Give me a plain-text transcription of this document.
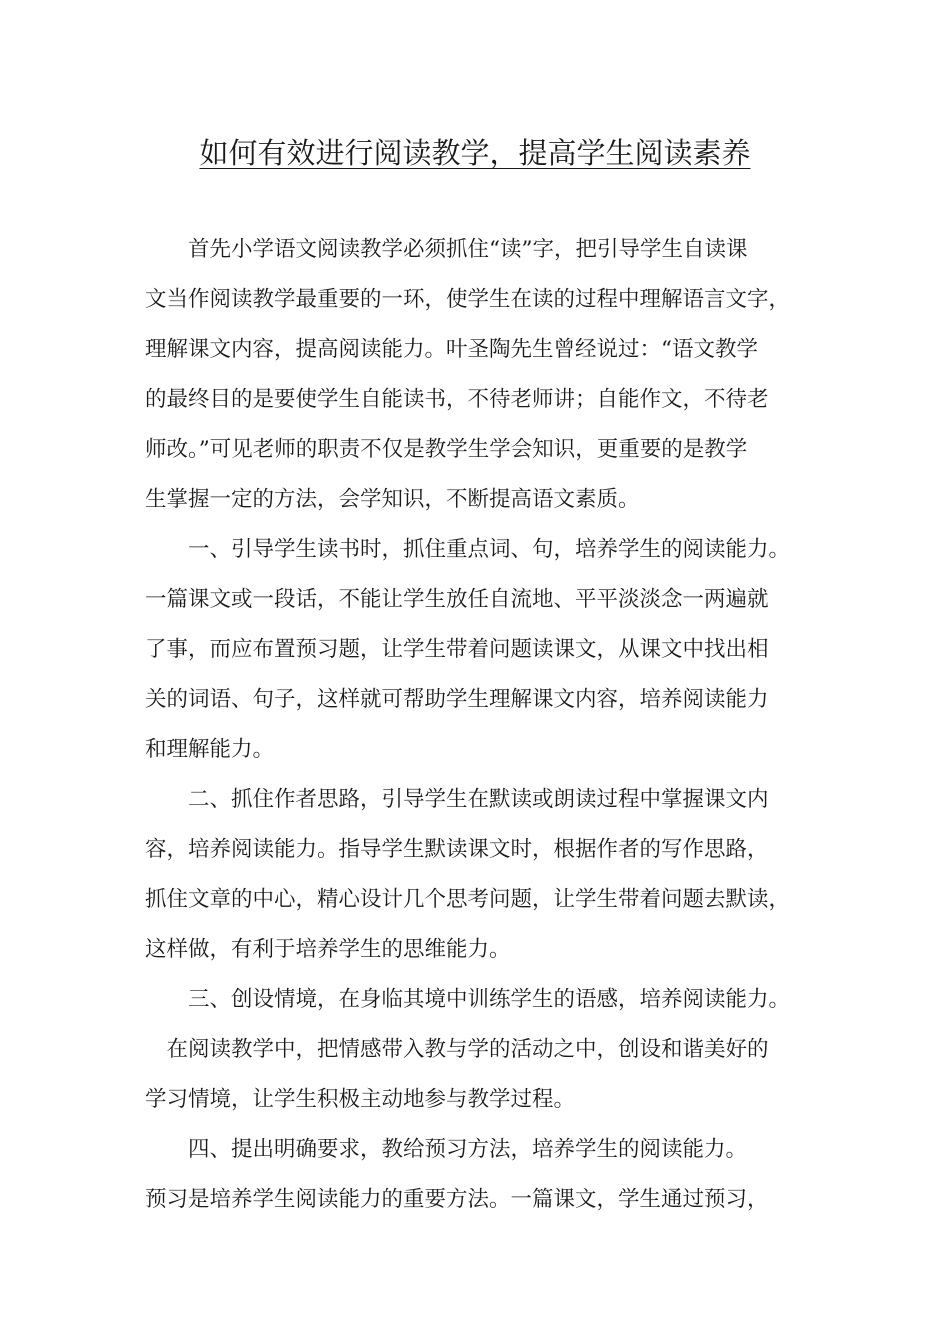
如何有效进行阅读教学，提高学生阅读素养
　　首先小学语文阅读教学必须抓住“读”字，把引导学生自读课
文当作阅读教学最重要的一环，使学生在读的过程中理解语言文字，
理解课文内容，提高阅读能力。叶圣陶先生曾经说过：“语文教学
的最终目的是要使学生自能读书，不待老师讲；自能作文，不待老
师改。”可见老师的职责不仅是教学生学会知识，更重要的是教学
生掌握一定的方法，会学知识，不断提高语文素质。
　　一、引导学生读书时，抓住重点词、句，培养学生的阅读能力。
一篇课文或一段话，不能让学生放任自流地、平平淡淡念一两遍就
了事，而应布置预习题，让学生带着问题读课文，从课文中找出相
关的词语、句子，这样就可帮助学生理解课文内容，培养阅读能力
和理解能力。
　　二、抓住作者思路，引导学生在默读或朗读过程中掌握课文内
容，培养阅读能力。指导学生默读课文时，根据作者的写作思路，
抓住文章的中心，精心设计几个思考问题，让学生带着问题去默读，
这样做，有利于培养学生的思维能力。
　　三、创设情境，在身临其境中训练学生的语感，培养阅读能力。
　在阅读教学中，把情感带入教与学的活动之中，创设和谐美好的
学习情境，让学生积极主动地参与教学过程。
　　四、提出明确要求，教给预习方法，培养学生的阅读能力。
预习是培养学生阅读能力的重要方法。一篇课文，学生通过预习，
